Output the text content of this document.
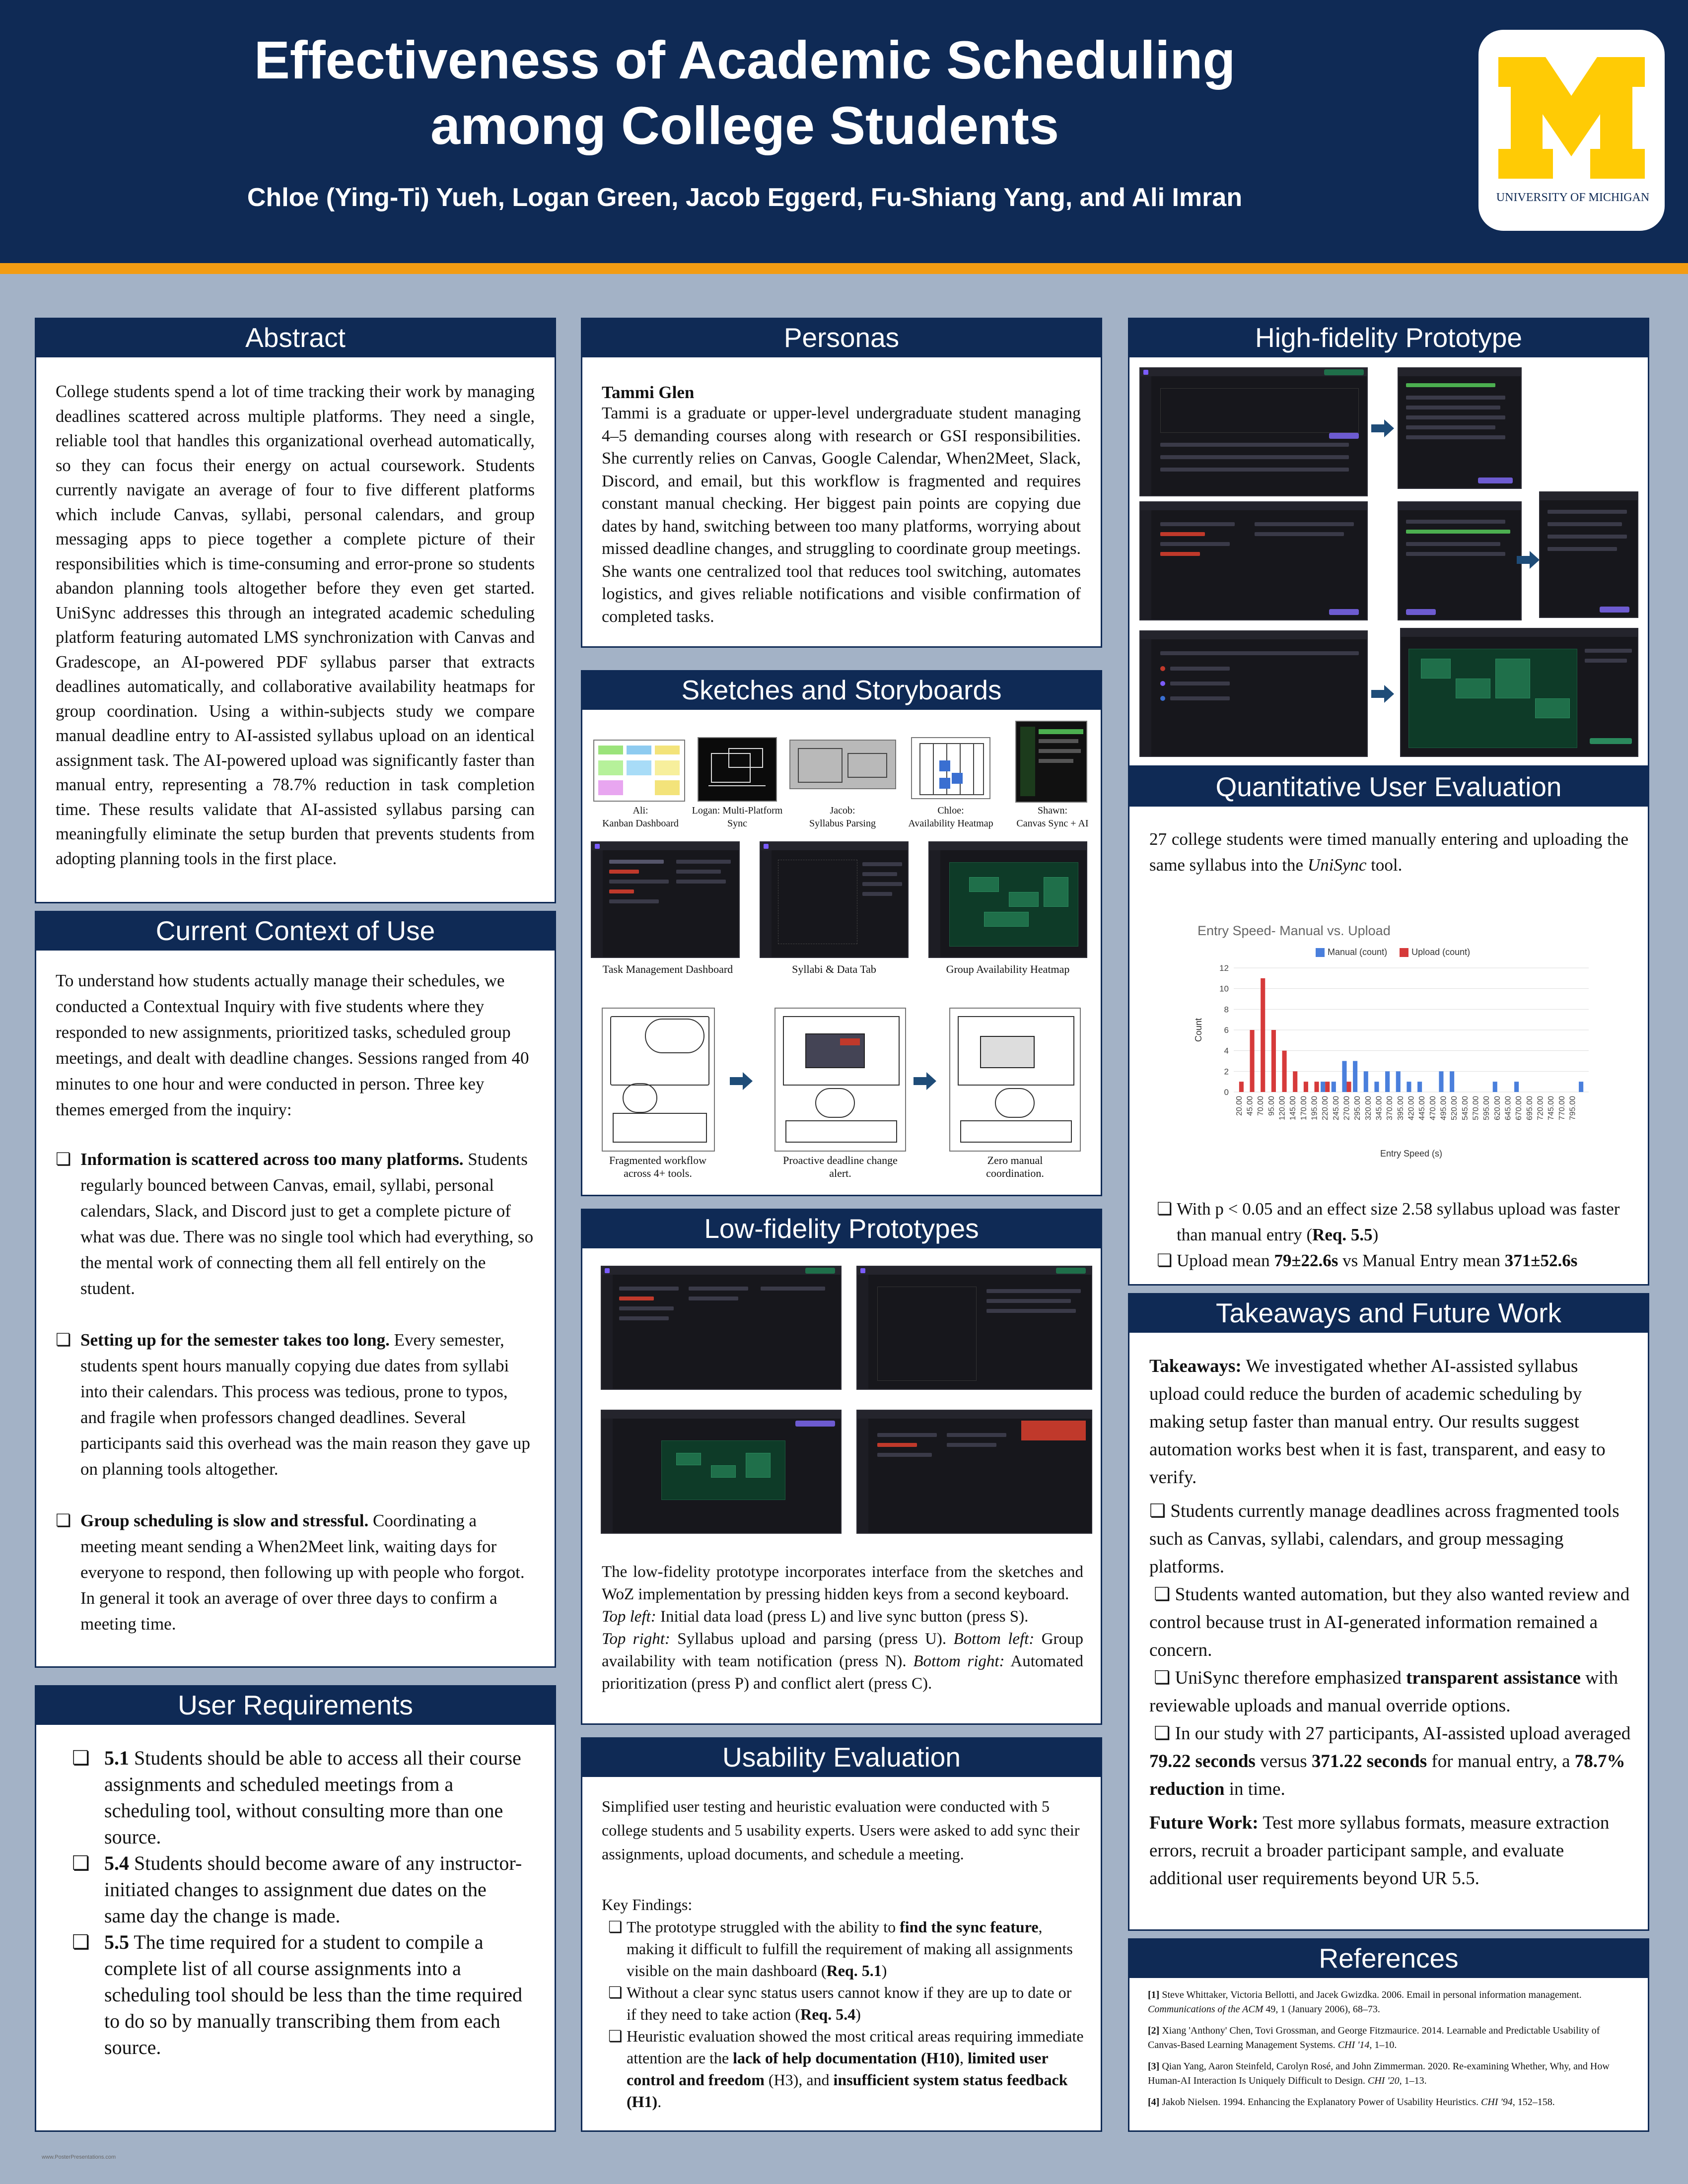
Effectiveness of Academic Scheduling
among College Students
Chloe (Ying-Ti) Yueh, Logan Green, Jacob Eggerd, Fu-Shiang Yang, and Ali Imran	UNIVERSITY OF MICHIGAN
Abstract
College students spend a lot of time tracking their work by managing deadlines scattered across multiple platforms. They need a single, reliable tool that handles this organizational overhead automatically, so they can focus their energy on actual coursework. Students currently navigate an average of four to five different platforms which include Canvas, syllabi, personal calendars, and group messaging apps to piece together a complete picture of their responsibilities which is time-consuming and error-prone so students abandon planning tools altogether before they even get started. UniSync addresses this through an integrated academic scheduling platform featuring automated LMS synchronization with Canvas and Gradescope, an AI-powered PDF syllabus parser that extracts deadlines automatically, and collaborative availability heatmaps for group coordination. Using a within-subjects study we compare manual deadline entry to AI-assisted syllabus upload on an identical assignment task. The AI-powered upload was significantly faster than manual entry, representing a 78.7% reduction in task completion time. These results validate that AI-assisted syllabus parsing can meaningfully eliminate the setup burden that prevents students from adopting planning tools in the first place.
Current Context of Use
To understand how students actually manage their schedules, we conducted a Contextual Inquiry with five students where they responded to new assignments, prioritized tasks, scheduled group meetings, and dealt with deadline changes. Sessions ranged from 40 minutes to one hour and were conducted in person. Three key themes emerged from the inquiry:
❏ Information is scattered across too many platforms. Students regularly bounced between Canvas, email, syllabi, personal calendars, Slack, and Discord just to get a complete picture of what was due. There was no single tool which had everything, so the mental work of connecting them all fell entirely on the student.
❏ Setting up for the semester takes too long. Every semester, students spent hours manually copying due dates from syllabi into their calendars. This process was tedious, prone to typos, and fragile when professors changed deadlines. Several participants said this overhead was the main reason they gave up on planning tools altogether.
❏ Group scheduling is slow and stressful. Coordinating a meeting meant sending a When2Meet link, waiting days for everyone to respond, then following up with people who forgot. In general it took an average of over three days to confirm a meeting time.
User Requirements
❏ 5.1 Students should be able to access all their course assignments and scheduled meetings from a scheduling tool, without consulting more than one source.
❏ 5.4 Students should become aware of any instructor-initiated changes to assignment due dates on the same day the change is made.
❏ 5.5 The time required for a student to compile a complete list of all course assignments into a scheduling tool should be less than the time required to do so by manually transcribing them from each source.
Personas
Tammi Glen
Tammi is a graduate or upper-level undergraduate student managing 4–5 demanding courses along with research or GSI responsibilities. She currently relies on Canvas, Google Calendar, When2Meet, Slack, Discord, and email, but this workflow is fragmented and requires constant manual checking. Her biggest pain points are copying due dates by hand, switching between too many platforms, worrying about missed deadline changes, and struggling to coordinate group meetings. She wants one centralized tool that reduces tool switching, automates logistics, and gives reliable notifications and visible confirmation of completed tasks.
Sketches and Storyboards
Ali:
Kanban Dashboard
Logan: Multi-Platform
Sync
Jacob:
Syllabus Parsing
Chloe:
Availability Heatmap
Shawn:
Canvas Sync + AI
Task Management Dashboard	Syllabi & Data Tab	Group Availability Heatmap
Fragmented workflow
across 4+ tools.
Proactive deadline change
alert.
Zero manual
coordination.
Low-fidelity Prototypes
The low-fidelity prototype incorporates interface from the sketches and WoZ implementation by pressing hidden keys from a second keyboard.
Top left: Initial data load (press L) and live sync button (press S).
Top right: Syllabus upload and parsing (press U). Bottom left: Group availability with team notification (press N). Bottom right: Automated prioritization (press P) and conflict alert (press C).
Usability Evaluation
Simplified user testing and heuristic evaluation were conducted with 5 college students and 5 usability experts. Users were asked to add sync their assignments, upload documents, and schedule a meeting.
Key Findings:
❏ The prototype struggled with the ability to find the sync feature, making it difficult to fulfill the requirement of making all assignments visible on the main dashboard (Req. 5.1)
❏ Without a clear sync status users cannot know if they are up to date or if they need to take action (Req. 5.4)
❏ Heuristic evaluation showed the most critical areas requiring immediate attention are the lack of help documentation (H10), limited user control and freedom (H3), and insufficient system status feedback (H1).
High-fidelity Prototype
Quantitative User Evaluation
27 college students were timed manually entering and uploading the same syllabus into the UniSync tool.
Entry Speed- Manual vs. Upload
Manual (count)	Upload (count)
0
2
4
6
8
10
12
Count
20.00 45.00 70.00 95.00 120.00 145.00 170.00 195.00 220.00 245.00 270.00 295.00 320.00 345.00 370.00 395.00 420.00 445.00 470.00 495.00 520.00 545.00 570.00 595.00 620.00 645.00 670.00 695.00 720.00 745.00 770.00 795.00
Entry Speed (s)
❏ With p < 0.05 and an effect size 2.58 syllabus upload was faster than manual entry (Req. 5.5)
❏ Upload mean 79±22.6s vs Manual Entry mean 371±52.6s
Takeaways and Future Work
Takeaways: We investigated whether AI-assisted syllabus upload could reduce the burden of academic scheduling by making setup faster than manual entry. Our results suggest automation works best when it is fast, transparent, and easy to verify.
❏ Students currently manage deadlines across fragmented tools such as Canvas, syllabi, calendars, and group messaging platforms.
❏ Students wanted automation, but they also wanted review and control because trust in AI-generated information remained a concern.
❏ UniSync therefore emphasized transparent assistance with reviewable uploads and manual override options.
❏ In our study with 27 participants, AI-assisted upload averaged 79.22 seconds versus 371.22 seconds for manual entry, a 78.7% reduction in time.
Future Work: Test more syllabus formats, measure extraction errors, recruit a broader participant sample, and evaluate additional user requirements beyond UR 5.5.
References
[1] Steve Whittaker, Victoria Bellotti, and Jacek Gwizdka. 2006. Email in personal information management. Communications of the ACM 49, 1 (January 2006), 68–73.
[2] Xiang 'Anthony' Chen, Tovi Grossman, and George Fitzmaurice. 2014. Learnable and Predictable Usability of Canvas-Based Learning Management Systems. CHI '14, 1–10.
[3] Qian Yang, Aaron Steinfeld, Carolyn Rosé, and John Zimmerman. 2020. Re-examining Whether, Why, and How Human-AI Interaction Is Uniquely Difficult to Design. CHI '20, 1–13.
[4] Jakob Nielsen. 1994. Enhancing the Explanatory Power of Usability Heuristics. CHI '94, 152–158.
www.PosterPresentations.com
